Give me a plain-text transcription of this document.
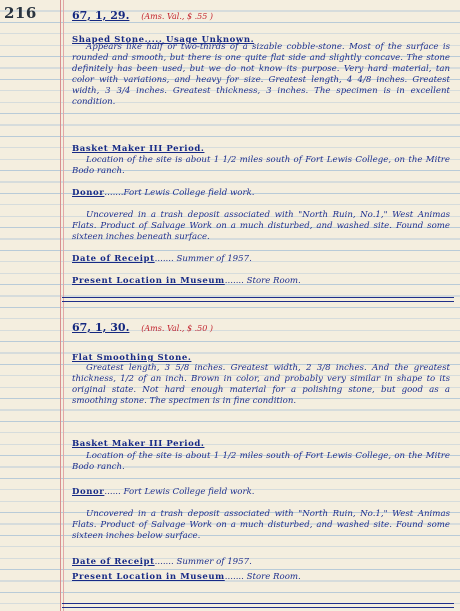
216	67, 1, 29. (Ams. Val., $ .55 )
Shaped Stone..... Usage Unknown.

Appears like half or two-thirds of a sizable cobble-stone. Most of the surface is rounded and smooth, but there is one quite flat side and slightly concave. The stone definitely has been used, but we do not know its purpose. Very hard material, tan color with variations, and heavy for size. Greatest length, 4 4/8 inches. Greatest width, 3 3/4 inches. Greatest thickness, 3 inches. The specimen is in excellent condition.

Basket Maker III Period.

Location of the site is about 1 1/2 miles south of Fort Lewis College, on the Mitre Bodo ranch.

Donor.......Fort Lewis College field work.

Uncovered in a trash deposit associated with "North Ruin, No.1," West Animas Flats. Product of Salvage Work on a much disturbed, and washed site. Found some sixteen inches beneath surface.

Date of Receipt....... Summer of 1957.
Present Location in Museum....... Store Room.
67, 1, 30. (Ams. Val., $ .50 )
Flat Smoothing Stone.

Greatest length, 3 5/8 inches. Greatest width, 2 3/8 inches. And the greatest thickness, 1/2 of an inch. Brown in color, and probably very similar in shape to its original state. Not hard enough material for a polishing stone, but good as a smoothing stone. The specimen is in fine condition.

Basket Maker III Period.

Location of the site is about 1 1/2 miles south of Fort Lewis College, on the Mitre Bodo ranch.

Donor...... Fort Lewis College field work.

Uncovered in a trash deposit associated with "North Ruin, No.1," West Animas Flats. Product of Salvage Work on a much disturbed, and washed site. Found some sixteen inches below surface.

Date of Receipt....... Summer of 1957.
Present Location in Museum....... Store Room.
